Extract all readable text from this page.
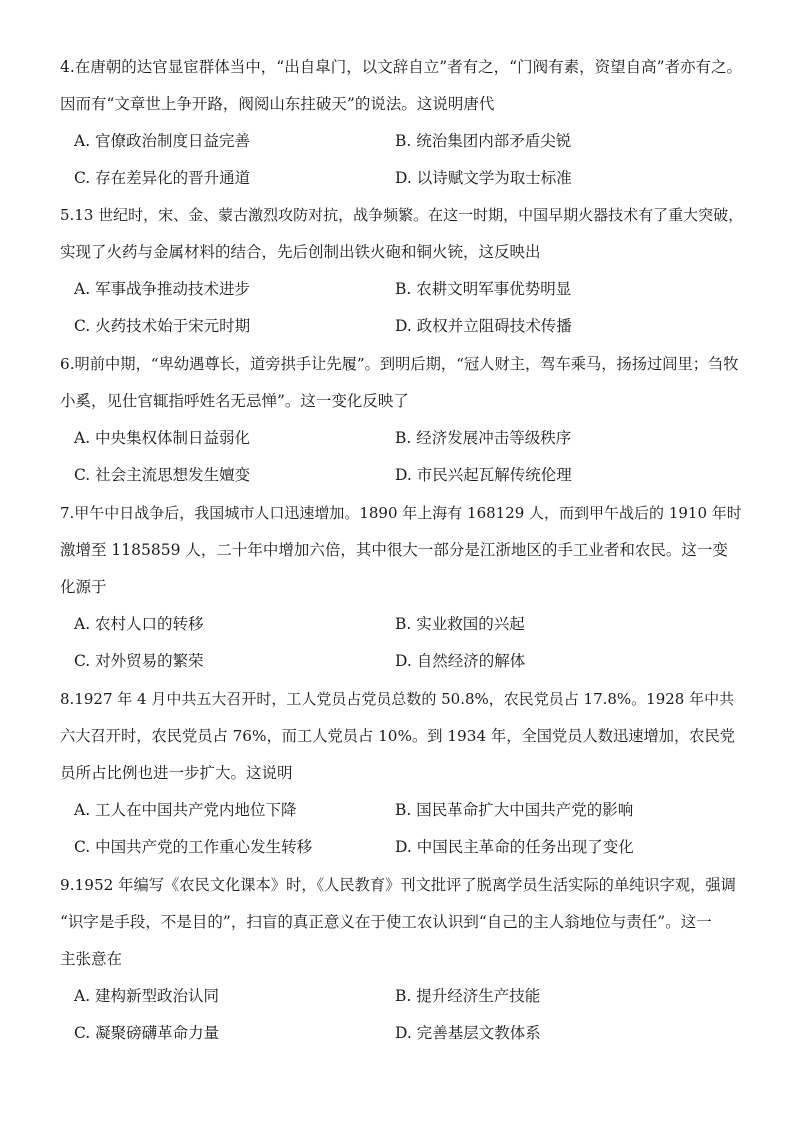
4.在唐朝的达官显宦群体当中，“出自皐门，以文辞自立”者有之，“门阀有素，资望自高”者亦有之。
因而有“文章世上争开路，阀阅山东拄破天”的说法。这说明唐代
A. 官僚政治制度日益完善	B. 统治集团内部矛盾尖锐
C. 存在差异化的晋升通道	D. 以诗赋文学为取士标准
5.13 世纪时，宋、金、蒙古激烈攻防对抗，战争频繁。在这一时期，中国早期火器技术有了重大突破，
实现了火药与金属材料的结合，先后创制出铁火砲和铜火铳，这反映出
A. 军事战争推动技术进步	B. 农耕文明军事优势明显
C. 火药技术始于宋元时期	D. 政权并立阻碍技术传播
6.明前中期，“卑幼遇尊长，道旁拱手让先履”。到明后期，“冠人财主，驾车乘马，扬扬过闾里；刍牧
小奚，见仕官辄指呼姓名无忌惮”。这一变化反映了
A. 中央集权体制日益弱化	B. 经济发展冲击等级秩序
C. 社会主流思想发生嬗变	D. 市民兴起瓦解传统伦理
7.甲午中日战争后，我国城市人口迅速增加。1890 年上海有 168129 人，而到甲午战后的 1910 年时
激增至 1185859 人，二十年中增加六倍，其中很大一部分是江浙地区的手工业者和农民。这一变
化源于
A. 农村人口的转移	B. 实业救国的兴起
C. 对外贸易的繁荣	D. 自然经济的解体
8.1927 年 4 月中共五大召开时，工人党员占党员总数的 50.8%，农民党员占 17.8%。1928 年中共
六大召开时，农民党员占 76%，而工人党员占 10%。到 1934 年，全国党员人数迅速增加，农民党
员所占比例也进一步扩大。这说明
A. 工人在中国共产党内地位下降	B. 国民革命扩大中国共产党的影响
C. 中国共产党的工作重心发生转移	D. 中国民主革命的任务出现了变化
9.1952 年编写《农民文化课本》时，《人民教育》刊文批评了脱离学员生活实际的单纯识字观，强调
“识字是手段，不是目的”，扫盲的真正意义在于使工农认识到“自己的主人翁地位与责任”。这一
主张意在
A. 建构新型政治认同	B. 提升经济生产技能
C. 凝聚磅礴革命力量	D. 完善基层文教体系
